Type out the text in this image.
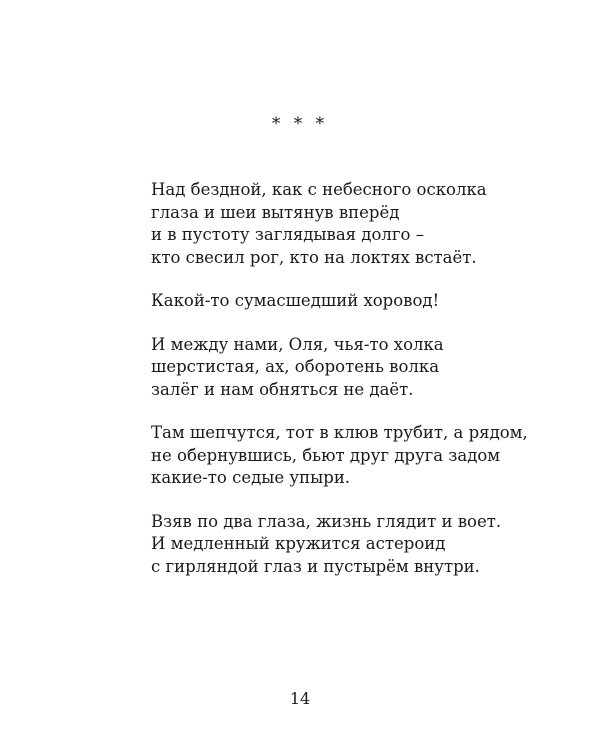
* * *
Над бездной, как с небесного осколка
глаза и шеи вытянув вперёд
и в пустоту заглядывая долго –
кто свесил рог, кто на локтях встаёт.
Какой-то сумасшедший хоровод!
И между нами, Оля, чья-то холка
шерстистая, ах, оборотень волка
залёг и нам обняться не даёт.
Там шепчутся, тот в клюв трубит, а рядом,
не обернувшись, бьют друг друга задом
какие-то седые упыри.
Взяв по два глаза, жизнь глядит и воет.
И медленный кружится астероид
с гирляндой глаз и пустырём внутри.
14
